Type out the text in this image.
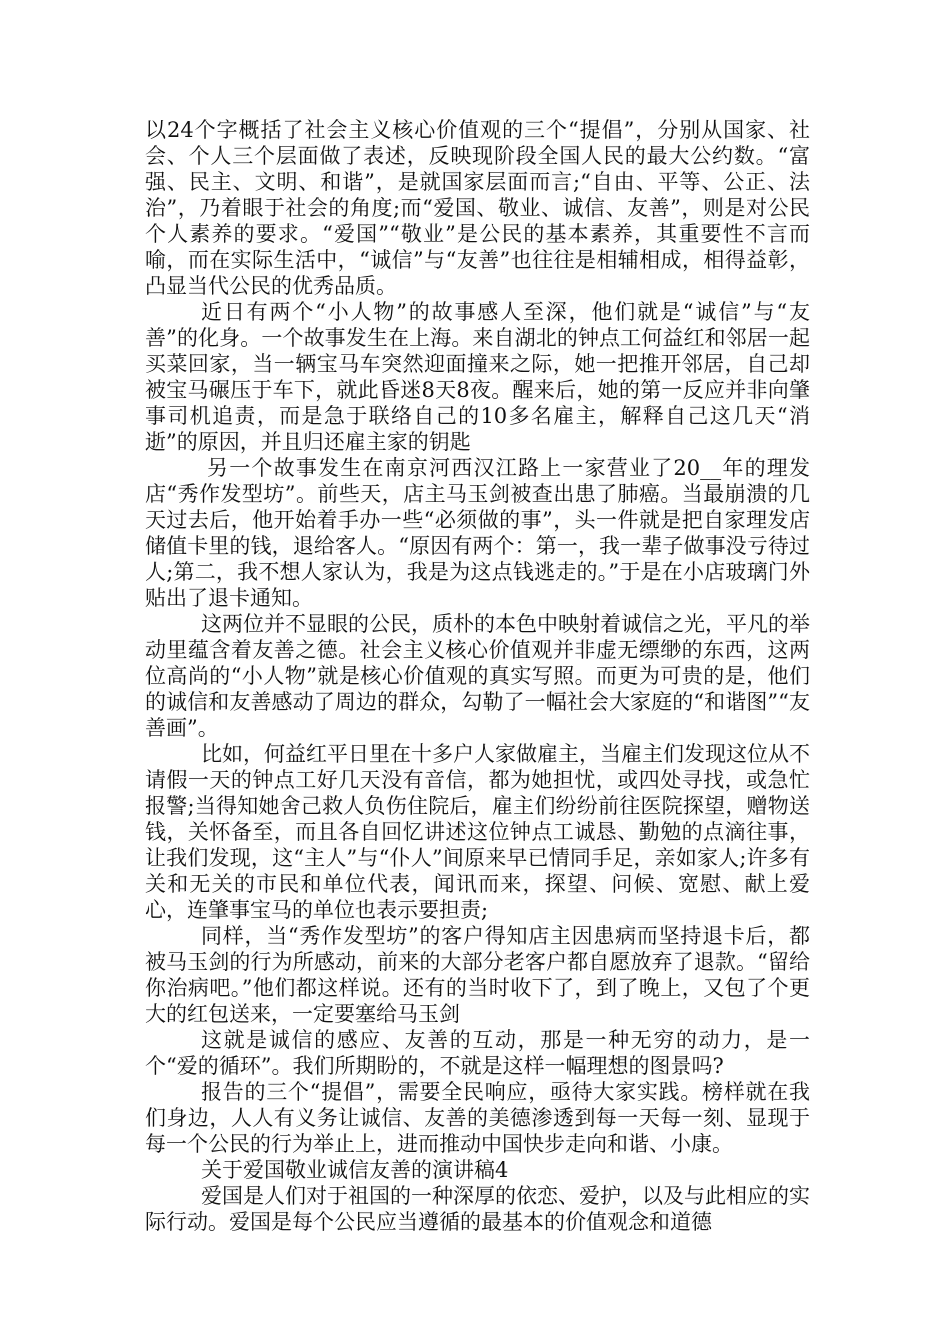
以24个字概括了社会主义核心价值观的三个“提倡”，分别从国家、社会、个人三个层面做了表述，反映现阶段全国人民的最大公约数。“富强、民主、文明、和谐”，是就国家层面而言;“自由、平等、公正、法治”，乃着眼于社会的角度;而“爱国、敬业、诚信、友善”，则是对公民个人素养的要求。“爱国”“敬业”是公民的基本素养，其重要性不言而喻，而在实际生活中，“诚信”与“友善”也往往是相辅相成，相得益彰，凸显当代公民的优秀品质。

近日有两个“小人物”的故事感人至深，他们就是“诚信”与“友善”的化身。一个故事发生在上海。来自湖北的钟点工何益红和邻居一起买菜回家，当一辆宝马车突然迎面撞来之际，她一把推开邻居，自己却被宝马碾压于车下，就此昏迷8天8夜。醒来后，她的第一反应并非向肇事司机追责，而是急于联络自己的10多名雇主，解释自己这几天“消逝”的原因，并且归还雇主家的钥匙

另一个故事发生在南京河西汉江路上一家营业了20__年的理发店“秀作发型坊”。前些天，店主马玉剑被查出患了肺癌。当最崩溃的几天过去后，他开始着手办一些“必须做的事”，头一件就是把自家理发店储值卡里的钱，退给客人。“原因有两个：第一，我一辈子做事没亏待过人;第二，我不想人家认为，我是为这点钱逃走的。”于是在小店玻璃门外贴出了退卡通知。

这两位并不显眼的公民，质朴的本色中映射着诚信之光，平凡的举动里蕴含着友善之德。社会主义核心价值观并非虚无缥缈的东西，这两位高尚的“小人物”就是核心价值观的真实写照。而更为可贵的是，他们的诚信和友善感动了周边的群众，勾勒了一幅社会大家庭的“和谐图”“友善画”。

比如，何益红平日里在十多户人家做雇主，当雇主们发现这位从不请假一天的钟点工好几天没有音信，都为她担忧，或四处寻找，或急忙报警;当得知她舍己救人负伤住院后，雇主们纷纷前往医院探望，赠物送钱，关怀备至，而且各自回忆讲述这位钟点工诚恳、勤勉的点滴往事，让我们发现，这“主人”与“仆人”间原来早已情同手足，亲如家人;许多有关和无关的市民和单位代表，闻讯而来，探望、问候、宽慰、献上爱心，连肇事宝马的单位也表示要担责;

同样，当“秀作发型坊”的客户得知店主因患病而坚持退卡后，都被马玉剑的行为所感动，前来的大部分老客户都自愿放弃了退款。“留给你治病吧。”他们都这样说。还有的当时收下了，到了晚上，又包了个更大的红包送来，一定要塞给马玉剑

这就是诚信的感应、友善的互动，那是一种无穷的动力，是一个“爱的循环”。我们所期盼的，不就是这样一幅理想的图景吗?

报告的三个“提倡”，需要全民响应，亟待大家实践。榜样就在我们身边，人人有义务让诚信、友善的美德渗透到每一天每一刻、显现于每一个公民的行为举止上，进而推动中国快步走向和谐、小康。

关于爱国敬业诚信友善的演讲稿4

爱国是人们对于祖国的一种深厚的依恋、爱护，以及与此相应的实际行动。爱国是每个公民应当遵循的最基本的价值观念和道德
